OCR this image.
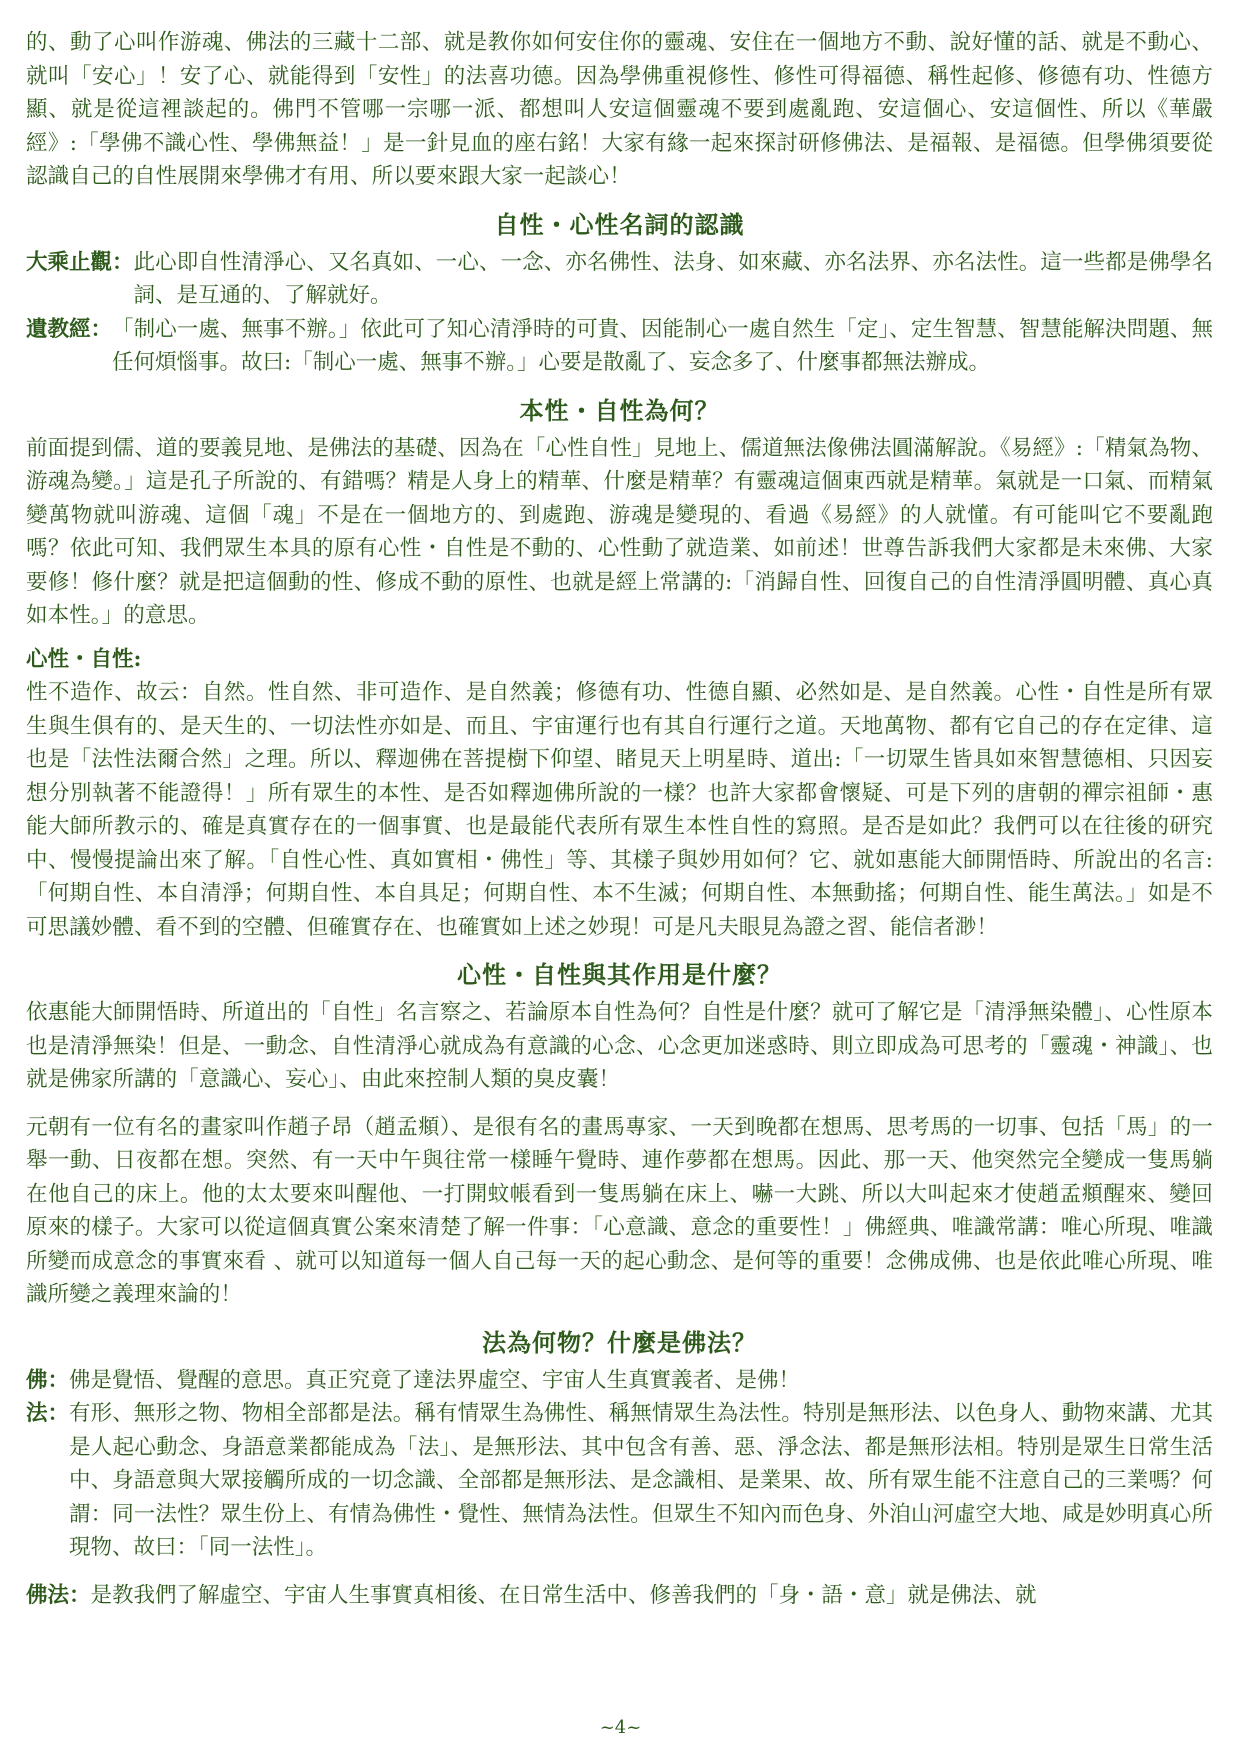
的、動了心叫作游魂、佛法的三藏十二部、就是教你如何安住你的靈魂、安住在一個地方不動、說好懂的話、就是不動心、就叫「安心」！安了心、就能得到「安性」的法喜功德。因為學佛重視修性、修性可得福德、稱性起修、修德有功、性德方顯、就是從這裡談起的。佛門不管哪一宗哪一派、都想叫人安這個靈魂不要到處亂跑、安這個心、安這個性、所以《華嚴經》:「學佛不識心性、學佛無益！」是一針見血的座右銘！大家有緣一起來探討研修佛法、是福報、是福德。但學佛須要從認識自己的自性展開來學佛才有用、所以要來跟大家一起談心！

自性・心性名詞的認識
大乘止觀： 此心即自性清淨心、又名真如、一心、一念、亦名佛性、法身、如來藏、亦名法界、亦名法性。這一些都是佛學名詞、是互通的、了解就好。
遺教經： 「制心一處、無事不辦。」依此可了知心清淨時的可貴、因能制心一處自然生「定」、定生智慧、智慧能解決問題、無任何煩惱事。故曰:「制心一處、無事不辦。」心要是散亂了、妄念多了、什麼事都無法辦成。
本性・自性為何？

前面提到儒、道的要義見地、是佛法的基礎、因為在「心性自性」見地上、儒道無法像佛法圓滿解說。《易經》:「精氣為物、游魂為變。」這是孔子所說的、有錯嗎？精是人身上的精華、什麼是精華？有靈魂這個東西就是精華。氣就是一口氣、而精氣變萬物就叫游魂、這個「魂」不是在一個地方的、到處跑、游魂是變現的、看過《易經》的人就懂。有可能叫它不要亂跑嗎？依此可知、我們眾生本具的原有心性・自性是不動的、心性動了就造業、如前述！世尊告訴我們大家都是未來佛、大家要修！修什麼？就是把這個動的性、修成不動的原性、也就是經上常講的:「消歸自性、回復自己的自性清淨圓明體、真心真如本性。」的意思。

心性・自性:

性不造作、故云：自然。性自然、非可造作、是自然義；修德有功、性德自顯、必然如是、是自然義。心性・自性是所有眾生與生俱有的、是天生的、一切法性亦如是、而且、宇宙運行也有其自行運行之道。天地萬物、都有它自己的存在定律、這也是「法性法爾合然」之理。所以、釋迦佛在菩提樹下仰望、睹見天上明星時、道出:「一切眾生皆具如來智慧德相、只因妄想分別執著不能證得！」所有眾生的本性、是否如釋迦佛所說的一樣？也許大家都會懷疑、可是下列的唐朝的禪宗祖師・惠能大師所教示的、確是真實存在的一個事實、也是最能代表所有眾生本性自性的寫照。是否是如此？我們可以在往後的研究中、慢慢提論出來了解。「自性心性、真如實相・佛性」等、其樣子與妙用如何？它、就如惠能大師開悟時、所說出的名言:「何期自性、本自清淨；何期自性、本自具足；何期自性、本不生滅；何期自性、本無動搖；何期自性、能生萬法。」如是不可思議妙體、看不到的空體、但確實存在、也確實如上述之妙現！可是凡夫眼見為證之習、能信者渺！

心性・自性與其作用是什麼？

依惠能大師開悟時、所道出的「自性」名言察之、若論原本自性為何？自性是什麼？就可了解它是「清淨無染體」、心性原本也是清淨無染！但是、一動念、自性清淨心就成為有意識的心念、心念更加迷惑時、則立即成為可思考的「靈魂・神識」、也就是佛家所講的「意識心、妄心」、由此來控制人類的臭皮囊！

元朝有一位有名的畫家叫作趙子昂（趙孟頫）、是很有名的畫馬專家、一天到晚都在想馬、思考馬的一切事、包括「馬」的一舉一動、日夜都在想。突然、有一天中午與往常一樣睡午覺時、連作夢都在想馬。因此、那一天、他突然完全變成一隻馬躺在他自己的床上。他的太太要來叫醒他、一打開蚊帳看到一隻馬躺在床上、嚇一大跳、所以大叫起來才使趙孟頫醒來、變回原來的樣子。大家可以從這個真實公案來清楚了解一件事：「心意識、意念的重要性！」佛經典、唯識常講：唯心所現、唯識所變而成意念的事實來看 、就可以知道每一個人自己每一天的起心動念、是何等的重要！念佛成佛、也是依此唯心所現、唯識所變之義理來論的！

法為何物？什麼是佛法？
佛： 佛是覺悟、覺醒的意思。真正究竟了達法界虛空、宇宙人生真實義者、是佛！
法： 有形、無形之物、物相全部都是法。稱有情眾生為佛性、稱無情眾生為法性。特別是無形法、以色身人、動物來講、尤其是人起心動念、身語意業都能成為「法」、是無形法、其中包含有善、惡、淨念法、都是無形法相。特別是眾生日常生活中、身語意與大眾接觸所成的一切念識、全部都是無形法、是念識相、是業果、故、所有眾生能不注意自己的三業嗎？何謂：同一法性？眾生份上、有情為佛性・覺性、無情為法性。但眾生不知內而色身、外洎山河虛空大地、咸是妙明真心所現物、故曰：「同一法性」。
佛法： 是教我們了解虛空、宇宙人生事實真相後、在日常生活中、修善我們的「身・語・意」就是佛法、就
~4~
